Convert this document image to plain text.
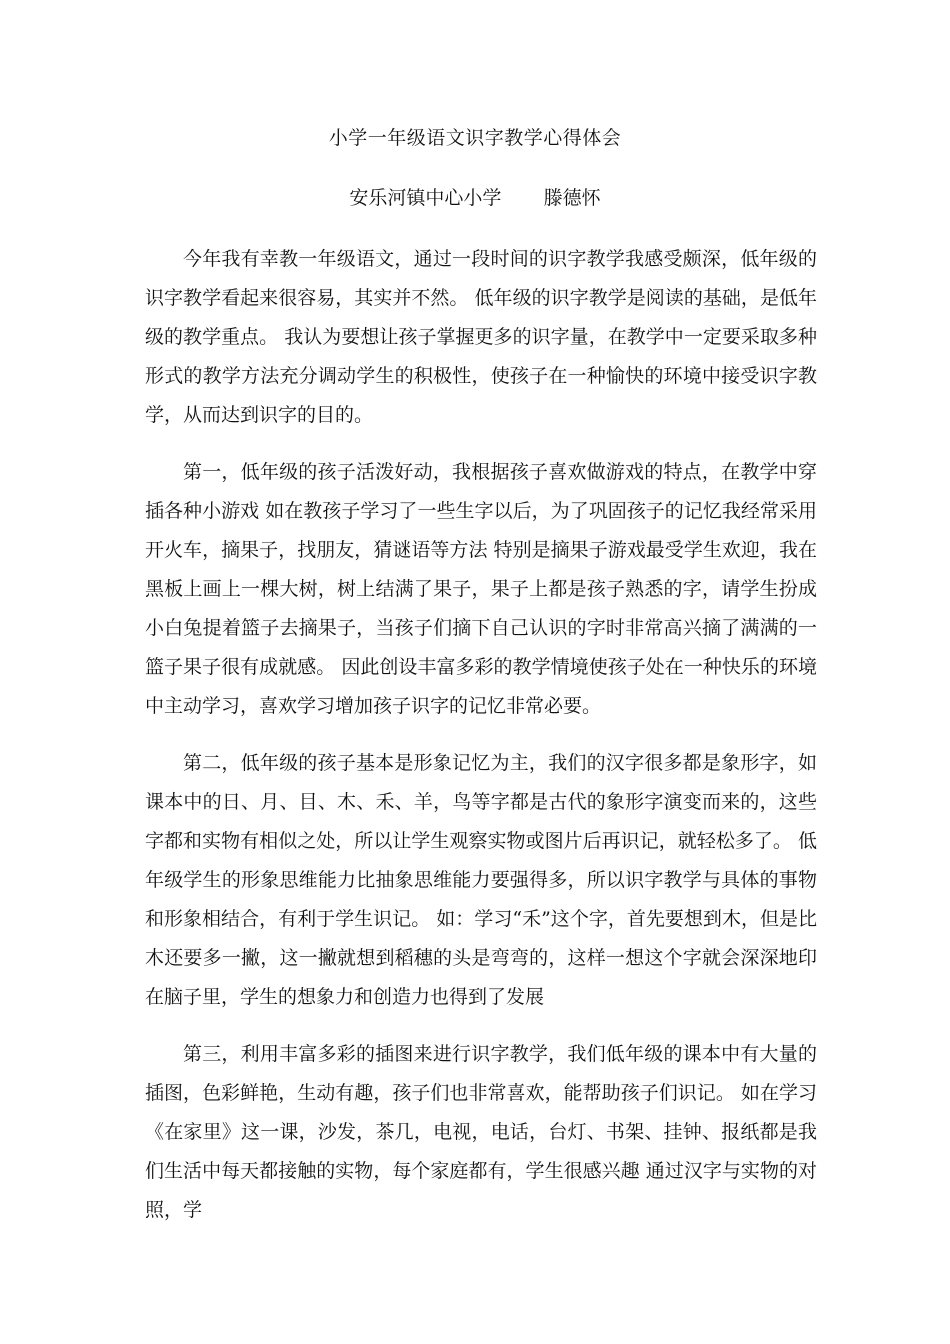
小学一年级语文识字教学心得体会
安乐河镇中心小学 滕德怀

今年我有幸教一年级语文，通过一段时间的识字教学我感受颇深，低年级的识字教学看起来很容易，其实并不然。 低年级的识字教学是阅读的基础，是低年级的教学重点。 我认为要想让孩子掌握更多的识字量，在教学中一定要采取多种形式的教学方法充分调动学生的积极性，使孩子在一种愉快的环境中接受识字教学，从而达到识字的目的。

第一，低年级的孩子活泼好动，我根据孩子喜欢做游戏的特点，在教学中穿插各种小游戏 如在教孩子学习了一些生字以后，为了巩固孩子的记忆我经常采用开火车，摘果子，找朋友，猜谜语等方法 特别是摘果子游戏最受学生欢迎，我在黑板上画上一棵大树，树上结满了果子，果子上都是孩子熟悉的字，请学生扮成小白兔提着篮子去摘果子，当孩子们摘下自己认识的字时非常高兴摘了满满的一篮子果子很有成就感。 因此创设丰富多彩的教学情境使孩子处在一种快乐的环境中主动学习，喜欢学习增加孩子识字的记忆非常必要。

第二，低年级的孩子基本是形象记忆为主，我们的汉字很多都是象形字，如课本中的日、月、目、木、禾、羊，鸟等字都是古代的象形字演变而来的，这些字都和实物有相似之处，所以让学生观察实物或图片后再识记，就轻松多了。 低年级学生的形象思维能力比抽象思维能力要强得多，所以识字教学与具体的事物和形象相结合，有利于学生识记。 如：学习“禾”这个字，首先要想到木，但是比木还要多一撇，这一撇就想到稻穗的头是弯弯的，这样一想这个字就会深深地印在脑子里，学生的想象力和创造力也得到了发展

第三，利用丰富多彩的插图来进行识字教学，我们低年级的课本中有大量的插图，色彩鲜艳，生动有趣，孩子们也非常喜欢，能帮助孩子们识记。 如在学习《在家里》这一课，沙发，茶几，电视，电话，台灯、书架、挂钟、报纸都是我们生活中每天都接触的实物，每个家庭都有，学生很感兴趣 通过汉字与实物的对照，学
